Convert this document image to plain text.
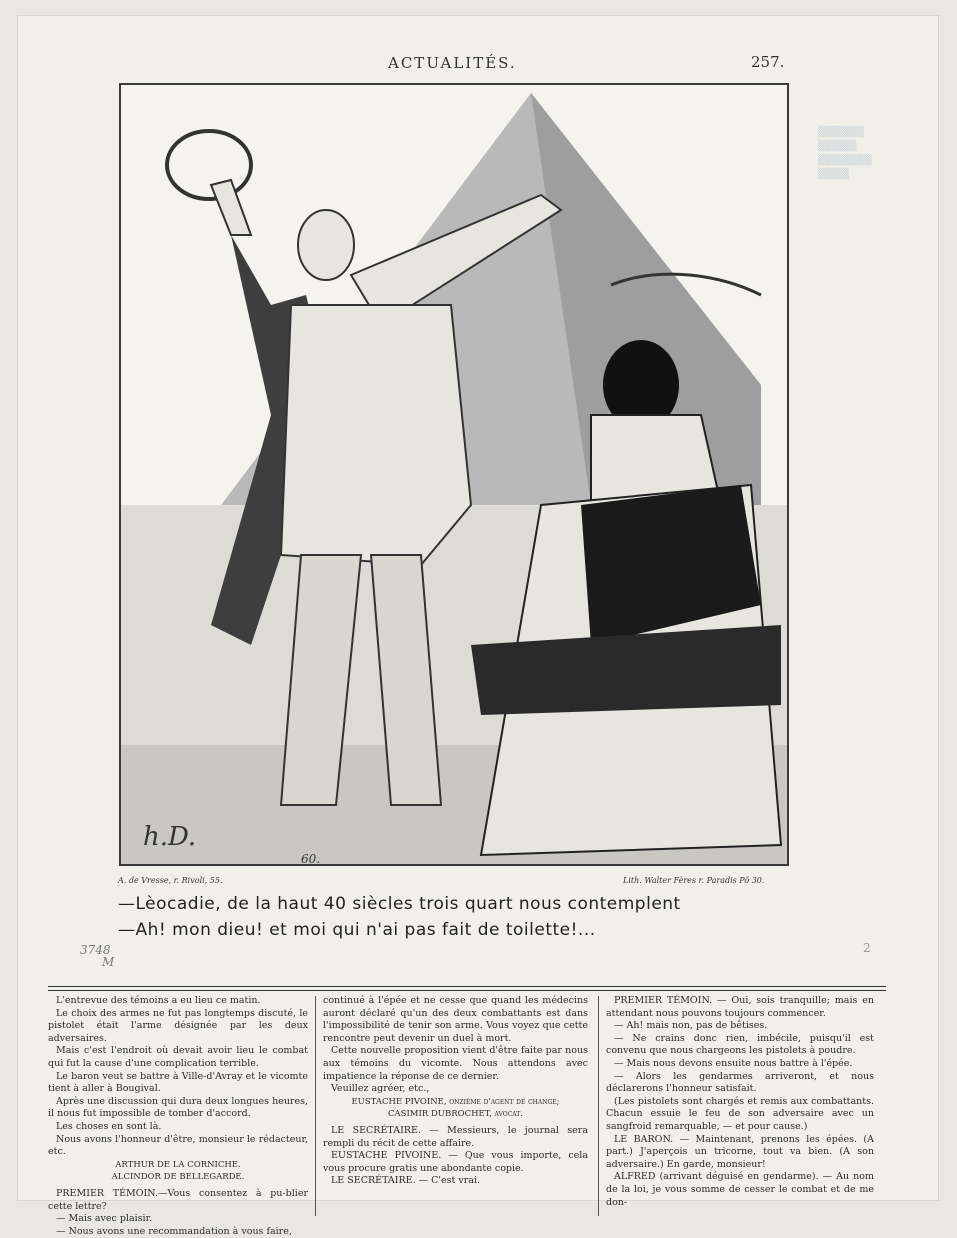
▒▒▒▒▒▒
▒▒▒▒▒
▒▒▒▒▒▒▒
▒▒▒▒
ACTUALITÉS.	257.
h.D.
60.
A. de Vresse, r. Rivoli, 55.	Lith. Walter Fères r. Paradis Põ 30.
—Lèocadie, de la haut 40 siècles trois quart nous contemplent
—Ah! mon dieu! et moi qui n'ai pas fait de toilette!...
3748
M
2

L'entrevue des témoins a eu lieu ce matin.

Le choix des armes ne fut pas longtemps discuté, le pistolet était l'arme désignée par les deux adversaires.

Mais c'est l'endroit où devait avoir lieu le combat qui fut la cause d'une complication terrible.

Le baron veut se battre à Ville-d'Avray et le vicomte tient à aller à Bougival.

Après une discussion qui dura deux longues heures, il nous fut impossible de tomber d'accord.

Les choses en sont là.

Nous avons l'honneur d'être, monsieur le rédacteur, etc.

ARTHUR DE LA CORNICHE.

ALCINDOR DE BELLEGARDE.

PREMIER TÉMOIN.—Vous consentez à pu-blier cette lettre?

— Mais avec plaisir.

— Nous avons une recommandation à vous faire,

continué à l'épée et ne cesse que quand les médecins auront déclaré qu'un des deux combattants est dans l'impossibilité de tenir son arme. Vous voyez que cette rencontre peut devenir un duel à mort.

Cette nouvelle proposition vient d'être faite par nous aux témoins du vicomte. Nous attendons avec impatience la réponse de ce dernier.

Veuillez agréer, etc.,

EUSTACHE PIVOINE, onzième d'agent de change;

CASIMIR DUBROCHET, avocat.

LE SECRÉTAIRE. — Messieurs, le journal sera rempli du récit de cette affaire.

EUSTACHE PIVOINE. — Que vous importe, cela vous procure gratis une abondante copie.

LE SECRÉTAIRE. — C'est vrai.

PREMIER TÉMOIN. — Oui, sois tranquille; mais en attendant nous pouvons toujours commencer.

— Ah! mais non, pas de bêtises.

— Ne crains donc rien, imbécile, puisqu'il est convenu que nous chargeons les pistolets à poudre.

— Mais nous devons ensuite nous battre à l'épée.

— Alors les gendarmes arriveront, et nous déclarerons l'honneur satisfait.

(Les pistolets sont chargés et remis aux combattants. Chacun essuie le feu de son adversaire avec un sangfroid remarquable, — et pour cause.)

LE BARON. — Maintenant, prenons les épées. (A part.) J'aperçois un tricorne, tout va bien. (A son adversaire.) En garde, monsieur!

ALFRED (arrivant déguisé en gendarme). — Au nom de la loi, je vous somme de cesser le combat et de me don-
